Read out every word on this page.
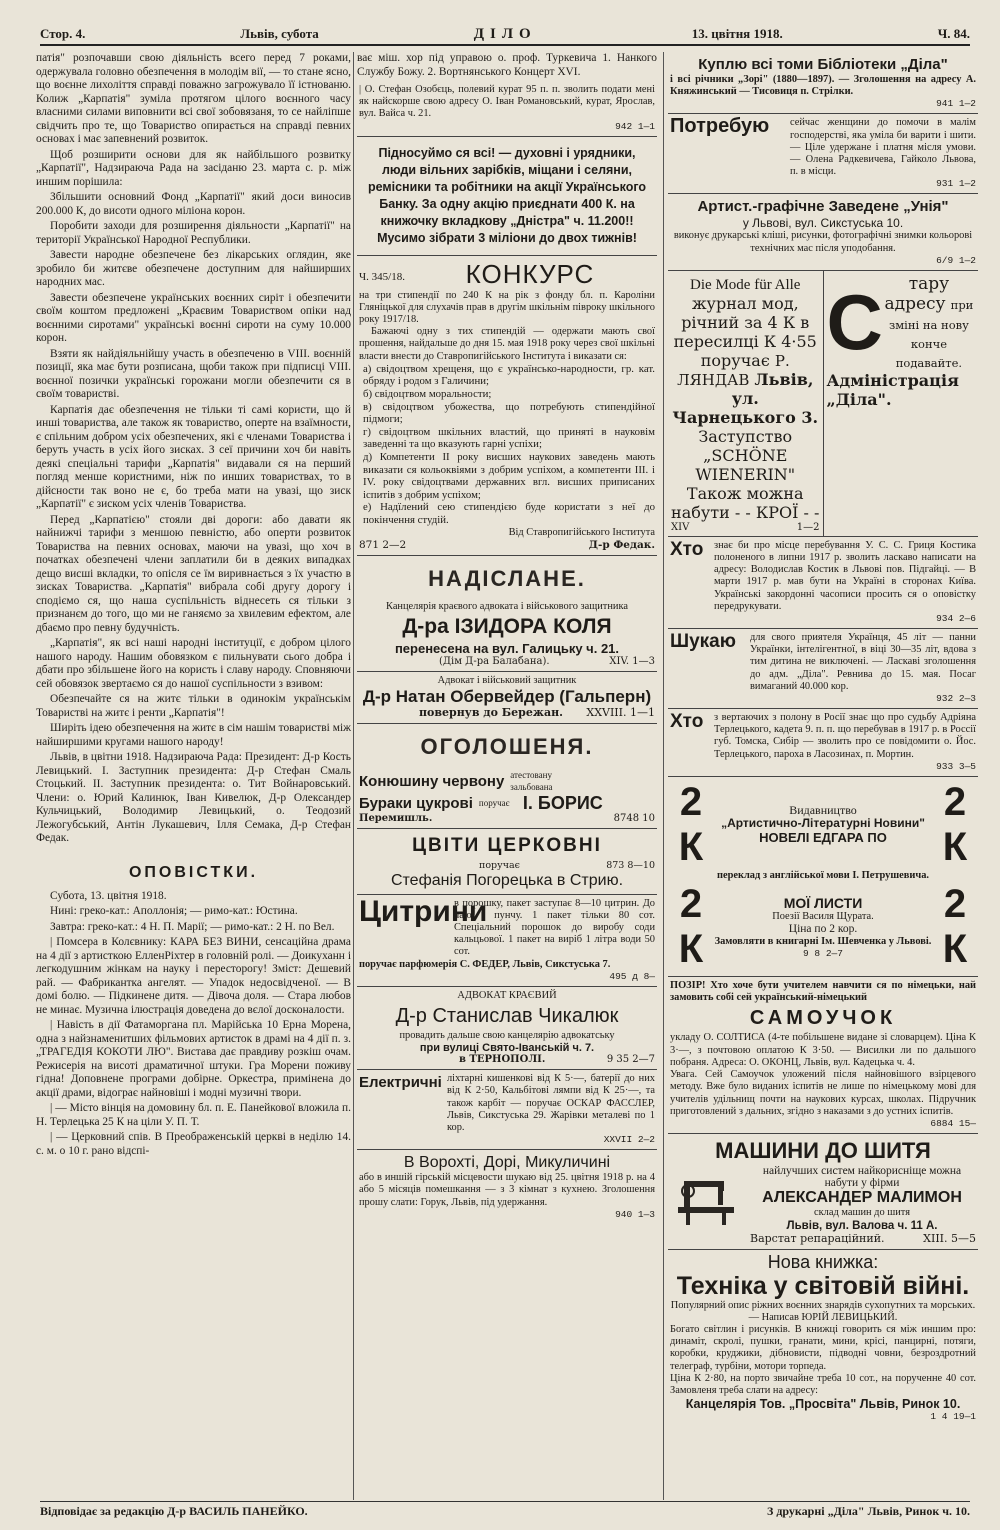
Стор. 4.	Львів, субота	ДІЛО	13. цвітня 1918.	Ч. 84.

патія" розпочавши свою діяльність всего перед 7 роками, одержувала головно обезпечення в молодім вії, — то стане ясно, що воєнне лихоліття справді поважно загрожувало її істнованю. Колиж „Карпатія" зуміла протягом цілого воєнного часу власними силами виповнити всі свої зобовязаня, то се найліпше свідчить про те, що Товариство опирається на справді певних основах і має запевнений розвиток.

Щоб розширити основи для як найбільшого розвитку „Карпатії", Надзираюча Рада на засіданю 23. марта с. р. між иншим порішила:

Збільшити основний Фонд „Карпатії" який доси виносив 200.000 К, до висоти одного міліона корон.

Поробити заходи для розширення діяльности „Карпатії" на території Української Народної Республики.

Завести народне обезпечене без лікарських оглядин, яке зробило би житєве обезпечене доступним для найширших народних мас.

Завести обезпечене українських воєнних сиріт і обезпечити своїм коштом предложені „Краєвим Товариством опіки над воєнними сиротами" українські воєнні сироти на суму 10.000 корон.

Взяти як найдіяльнійшу участь в обезпеченю в VIII. воєнній позиції, яка має бути розписана, щоби також при підписці VIII. воєнної позички українські горожани могли обезпечити ся в своїм товаристві.

Карпатія дає обезпечення не тільки ті самі користи, що й инші товариства, але також як товариство, оперте на взаїмности, є спільним добром усіх обезпечених, які є членами Товариства і беруть участь в усіх його зисках. З сеї причини хоч би навіть деякі спеціальні тарифи „Карпатія" видавали ся на перший погляд менше користними, ніж по инших товариствах, то в дійсности так воно не є, бо треба мати на увазі, що зиск „Карпатії" є зиском усіх членів Товариства.

Перед „Карпатією" стояли дві дороги: або давати як найнижчі тарифи з меншою певністю, або оперти розвиток Товариства на певних основах, маючи на увазі, що хоч в початках обезпечені члени заплатили би в деяких випадках дещо висші вкладки, то опісля се їм виривнається з їх участю в зисках Товариства. „Карпатія" вибрала собі другу дорогу і сподіємо ся, що наша суспільність віднесеть ся тільки з признанєм до того, що ми не ганяємо за хвилевим ефектом, але дбаємо про певну будучність.

„Карпатія", як всі наші народні інституції, є добром цілого нашого народу. Нашим обовязком є пильнувати сього добра і дбати про збільшене його на користь і славу народу. Сповняючи сей обовязок звертаємо ся до нашої суспільности з взивом:

Обезпечайте ся на житє тільки в одинокім українськім Товаристві на житє і ренти „Карпатія"!

Ширіть ідею обезпечення на житє в сім нашім товаристві між найширшими кругами нашого народу!

Львів, в цвітни 1918. Надзираюча Рада: Президент: Д-р Кость Левицький. І. Заступник президента: Д-р Стефан Смаль Стоцький. II. Заступник президента: о. Тит Войнаровський. Члени: о. Юрий Калинюк, Іван Кивелюк, Д-р Олександер Кульчицький, Володимир Левицький, о. Теодозий Лежогубський, Антін Лукашевич, Ілля Семака, Д-р Стефан Федак.

ОПОВІСТКИ.

Субота, 13. цвітня 1918.

Нині: греко-кат.: Аполлонія; — римо-кат.: Юстина.

Завтра: греко-кат.: 4 Н. П. Марії; — римо-кат.: 2 Н. по Вел.

| Помсера в Колєвнику: КАРА БЕЗ ВИНИ, сенсаційна драма на 4 дії з артисткою ЕлленРіхтер в головній ролі. — Доикуханн і легкодушним жінкам на науку і пересторогу! Зміст: Дешевий рай. — Фабрикантка ангелят. — Упадок недосвідченої. — В домі болю. — Підкинене дитя. — Дівоча доля. — Стара любов не минає. Музична ілюстрація доведена до вєлої досконалости.

| Навість в дії Фатаморгана пл. Марійська 10 Ерна Морена, одна з найзнаменитших фільмових артисток в драмі на 4 дії п. з. „ТРАГЕДІЯ КОКОТИ ЛЮ". Вистава дає правдиву розкіш очам. Режисерія на висоті драматичної штуки. Гра Морени поживу гідна! Доповнене програми добірне. Оркестра, примінена до акції драми, відограє найновіші і модні музичні твори.

| — Місто вінція на домовину бл. п. Е. Панейкової вложила п. Н. Терлецька 25 К на ціли У. П. Т.

| — Церковний спів. В Преображенській церкві в неділю 14. с. м. о 10 г. рано відспі-

ває міш. хор під управою о. проф. Туркевича 1. Нанкого Службу Божу. 2. Вортнянського Концерт XVI.

| О. Стефан Озобєць, полевий курат 95 п. п. зволить подати мені як найскорше свою адресу О. Іван Романовський, курат, Ярослав, вул. Вайса ч. 21.
942 1—1
Підносуймо ся всі! — духовні і урядники, люди вільних зарібків, міщани і селяни, ремісники та робітники на акції Українського Банку. За одну акцію приєднати 400 К. на книжочку вкладкову „Дністра" ч. 11.200!! Мусимо зібрати 3 міліони до двох тижнів!
Ч. 345/18.	КОНКУРС
на три стипендії по 240 К на рік з фонду бл. п. Кароліни Гляніцької для слухачів прав в другім шкільнім півроку шкільного року 1917/18.
Бажаючі одну з тих стипендій — одержати мають свої прошення, найдальше до дня 15. мая 1918 року через свої шкільні власти внести до Ставропигійського Інститута і виказати ся:
а) свідоцтвом хрещеня, що є українсько-народности, гр. кат. обряду і родом з Галичини;
б) свідоцтвом моральности;
в) свідоцтвом убожества, що потребують стипендійної підмоги;
г) свідоцтвом шкільних властий, що приняті в науковім заведенні та що вказують гарні успіхи;
д) Компетенти II року висших наукових заведень мають виказати ся кольоквіями з добрим успіхом, а компетенти III. і IV. року свідоцтвами державних вгл. висших приписаних іспитів з добрим успіхом;
е) Надїлений сею стипендією буде користати з неї до покінчення студій.
Від Ставропигійського Інститута
871 2—2	Д-р Федак.
НАДІСЛАНЕ.
Канцелярія краєвого адвоката і військового защитника
Д-ра ІЗИДОРА КОЛЯ
перенесена на вул. Галицьку ч. 21.
(Дім Д-ра Балабана).	XIV. 1—3
Адвокат і військовий защитник
Д-р Натан Обервейдер (Гальперн)
повернув до Бережан. XXVIII. 1—1
ОГОЛОШЕНЯ.
Конюшину червону атестовану зальбована
Бураки цукрові поручає І. БОРИС
Перемишль.	8748 10
ЦВІТИ ЦЕРКОВНІ
поручає	873 8—10
Стефанія Погорецька в Стрию.
Цитрини
в порошку, пакет заступає 8—10 цитрин. До чаю і пунчу. 1 пакет тільки 80 сот. Спеціальний порошок до виробу соди кальцьової. 1 пакет на виріб 1 літра води 50 сот.
поручає парфюмерія С. ФЕДЕР, Львів, Сикстуська 7.
495 д 8—
АДВОКАТ КРАЄВИЙ
Д-р Станислав Чикалюк
провадить дальше свою канцелярію адвокатську
при вулиці Свято-Іванській ч. 7.
в ТЕРНОПОЛІ.	9 35 2—7
Електричні ліхтарні кишенкові від К 5·—, батерії до них від К 2·50, Кальбітові лямпи від К 25·—, та також карбіт — поручає ОСКАР ФАССЛЕР, Львів, Сикстуська 29. Жарівки металеві по 1 кор.
XXVII 2—2
В Ворохті, Дорі, Микуличині
або в иншій гірській місцевости шукаю від 25. цвітня 1918 р. на 4 або 5 місяців помешкання — з 3 кімнат з кухнею. Зголошення прошу слати: Горук, Львів, під удержання.
940 1—3
Куплю всі томи Бібліотеки „Діла"
і всі річники „Зорі" (1880—1897). — Зголошення на адресу А. Княжинський — Тисовиця п. Стрілки.
941 1—2
Потребую	сейчас женщини до помочи в малім господерстві, яка уміла би варити і шити. — Ціле удержане і платня місля умови. — Олена Радкевичева, Гайколо Львова, п. в місци.
931 1—2
Артист.-графічне Заведене „Унія"
у Львові, вул. Сикстуська 10.
виконує друкарські кліші, рисунки, фотографічні знимки кольорові технічних мас після уподобання.
6/9 1—2
Die Mode für Alle журнал мод, річний за 4 К в пересилці К 4·55 поручає Р. ЛЯНДАВ Львів, ул. Чарнецького 3. Заступство „SCHÖNE WIENERIN" Також можна набути - - КРОЇ - -
XIV	1—2
С	тару адресу при зміні на нову конче подавайте.
Адміністрація „Діла".
Хто	знає би про місце перебування У. С. С. Гриця Костика полоненого в липни 1917 р. зволить ласкаво написати на адресу: Володислав Костик в Львові пов. Підгайці. — В марти 1917 р. мав бути на Україні в сторонах Київа. Українські закордонні часописи просить ся о оповістку передрукувати.
934 2—6
Шукаю	для свого приятеля Українця, 45 літ — панни Українки, інтелігентної, в віці 30—35 літ, вдова з тим дитина не виключені. — Ласкаві зголошення до адм. „Діла". Ревнива до 15. мая. Посаг вимаганий 40.000 кор.
932 2—3
Хто	з вертаючих з полону в Росії знає що про судьбу Адріяна Терлецького, кадета 9. п. п. що перебував в 1917 р. в Россії губ. Томска, Сибір — зволить про се повідомити о. Йос. Терлецького, пароха в Ласозинах, п. Мортин.
933 3—5
2 К
Видавництво
„Артистично-Літературні Новини"
НОВЕЛІ ЕДГАРА ПО
2 К
переклад з англійської мови І. Петрушевича.
2 К
МОЇ ЛИСТИ
Поезії Василя Щурата.
Ціна по 2 кор.
Замовляти в книгарні Ім. Шевченка у Львові.
9 8 2—7
2 К
ПОЗІР! Хто хоче бути учителем навчити ся по німецьки, най замовить собі сей український-німецький
САМОУЧОК
укладу О. СОЛТИСА (4-те побільшене видане зі словарцем). Ціна К 3·—, з почтовою оплатою К 3·50. — Висилки ли по дальшого побраня. Адреса: О. ОКОНЦ, Львів, вул. Кадецька ч. 4.
Увага. Сей Самоучок уложений після найновішого взірцевого методу. Вже було виданих іспитів не лише по німецькому мові для учителів удільнищ почти на наукових курсах, школах. Підручник приготовлений з дальних, згідно з наказами з до устних іспитів.
6884 15—
МАШИНИ ДО ШИТЯ
найлучших систем найкорисніще можна набути у фірми
АЛЕКСАНДЕР МАЛИМОН
склад машин до шитя
Львів, вул. Валова ч. 11 А.
Варстат репараційний.	XIII. 5—5
Нова книжка:
Техніка у світовій війні.
Популярний опис ріжних воєнних знарядів сухопутних та морських. — Написав ЮРІЙ ЛЕВИЦЬКИЙ.
Богато світлин і рисунків. В книжці говорить ся між иншим про: динаміт, скролі, пушки, гранати, мини, крісі, панцирні, потяги, коробки, круджики, дібновисти, підводні човни, безроздротний телеграф, турбіни, мотори торпеда.
Ціна К 2·80, на порто звичайне треба 10 сот., на порученне 40 сот. Замовленя треба слати на адресу:
Канцелярія Тов. „Просвіта" Львів, Ринок 10.
1 4 19—1
Відповідає за редакцію Д-р ВАСИЛЬ ПАНЕЙКО.	З друкарні „Діла" Львів, Ринок ч. 10.
